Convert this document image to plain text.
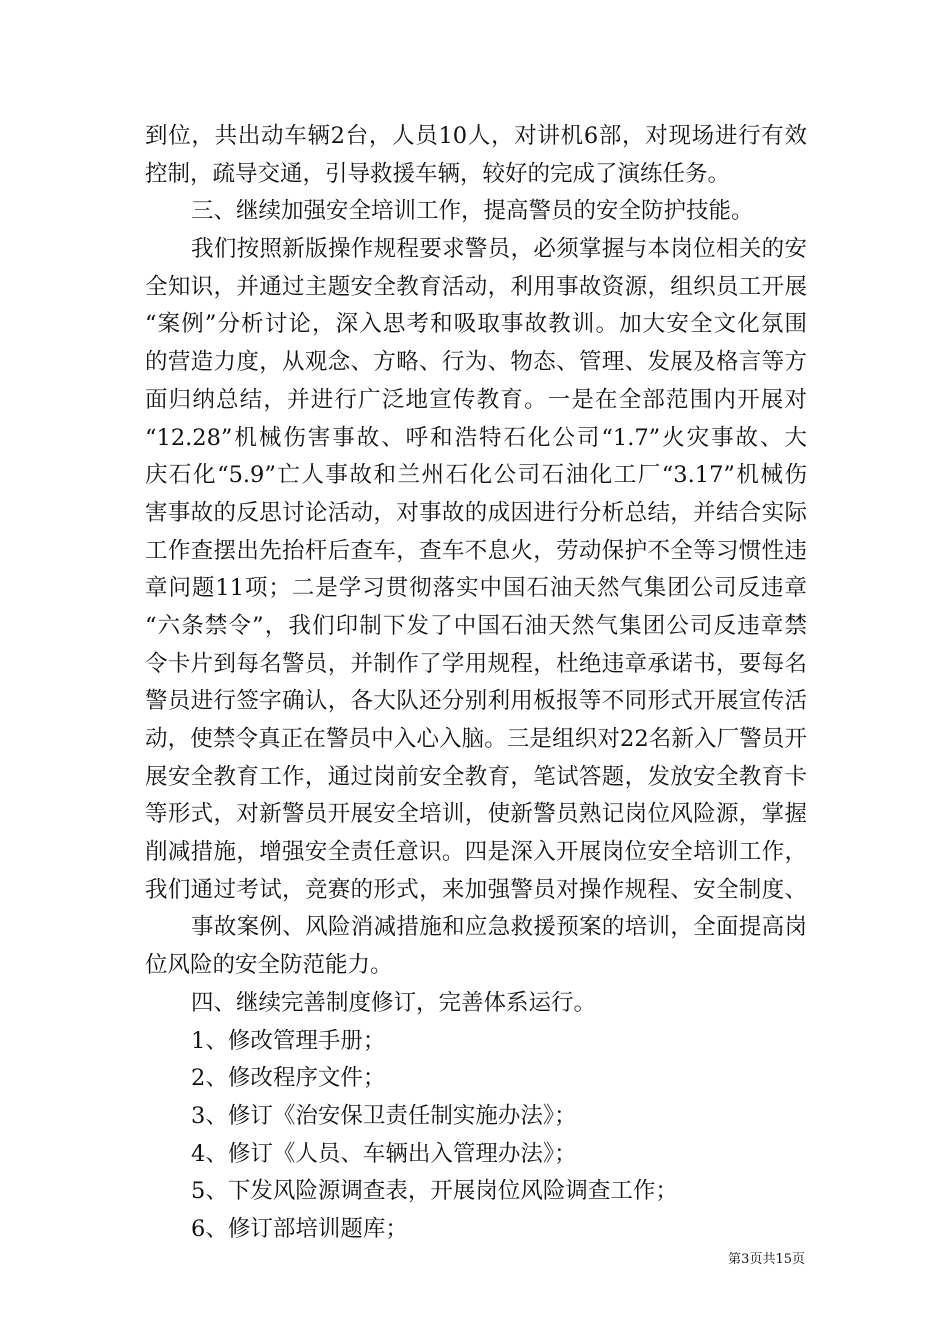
到位，共出动车辆2台，人员10人，对讲机6部，对现场进行有效
控制，疏导交通，引导救援车辆，较好的完成了演练任务。
三、继续加强安全培训工作，提高警员的安全防护技能。
我们按照新版操作规程要求警员，必须掌握与本岗位相关的安
全知识，并通过主题安全教育活动，利用事故资源，组织员工开展
“案例”分析讨论，深入思考和吸取事故教训。加大安全文化氛围
的营造力度，从观念、方略、行为、物态、管理、发展及格言等方
面归纳总结，并进行广泛地宣传教育。一是在全部范围内开展对
“12.28”机械伤害事故、呼和浩特石化公司“1.7”火灾事故、大
庆石化“5.9”亡人事故和兰州石化公司石油化工厂“3.17”机械伤
害事故的反思讨论活动，对事故的成因进行分析总结，并结合实际
工作查摆出先抬杆后查车，查车不息火，劳动保护不全等习惯性违
章问题11项；二是学习贯彻落实中国石油天然气集团公司反违章
“六条禁令”，我们印制下发了中国石油天然气集团公司反违章禁
令卡片到每名警员，并制作了学用规程，杜绝违章承诺书，要每名
警员进行签字确认，各大队还分别利用板报等不同形式开展宣传活
动，使禁令真正在警员中入心入脑。三是组织对22名新入厂警员开
展安全教育工作，通过岗前安全教育，笔试答题，发放安全教育卡
等形式，对新警员开展安全培训，使新警员熟记岗位风险源，掌握
削减措施，增强安全责任意识。四是深入开展岗位安全培训工作，
我们通过考试，竞赛的形式，来加强警员对操作规程、安全制度、
事故案例、风险消减措施和应急救援预案的培训，全面提高岗
位风险的安全防范能力。
四、继续完善制度修订，完善体系运行。
1、修改管理手册；
2、修改程序文件；
3、修订《治安保卫责任制实施办法》；
4、修订《人员、车辆出入管理办法》；
5、下发风险源调查表，开展岗位风险调查工作；
6、修订部培训题库；
第3页共15页
